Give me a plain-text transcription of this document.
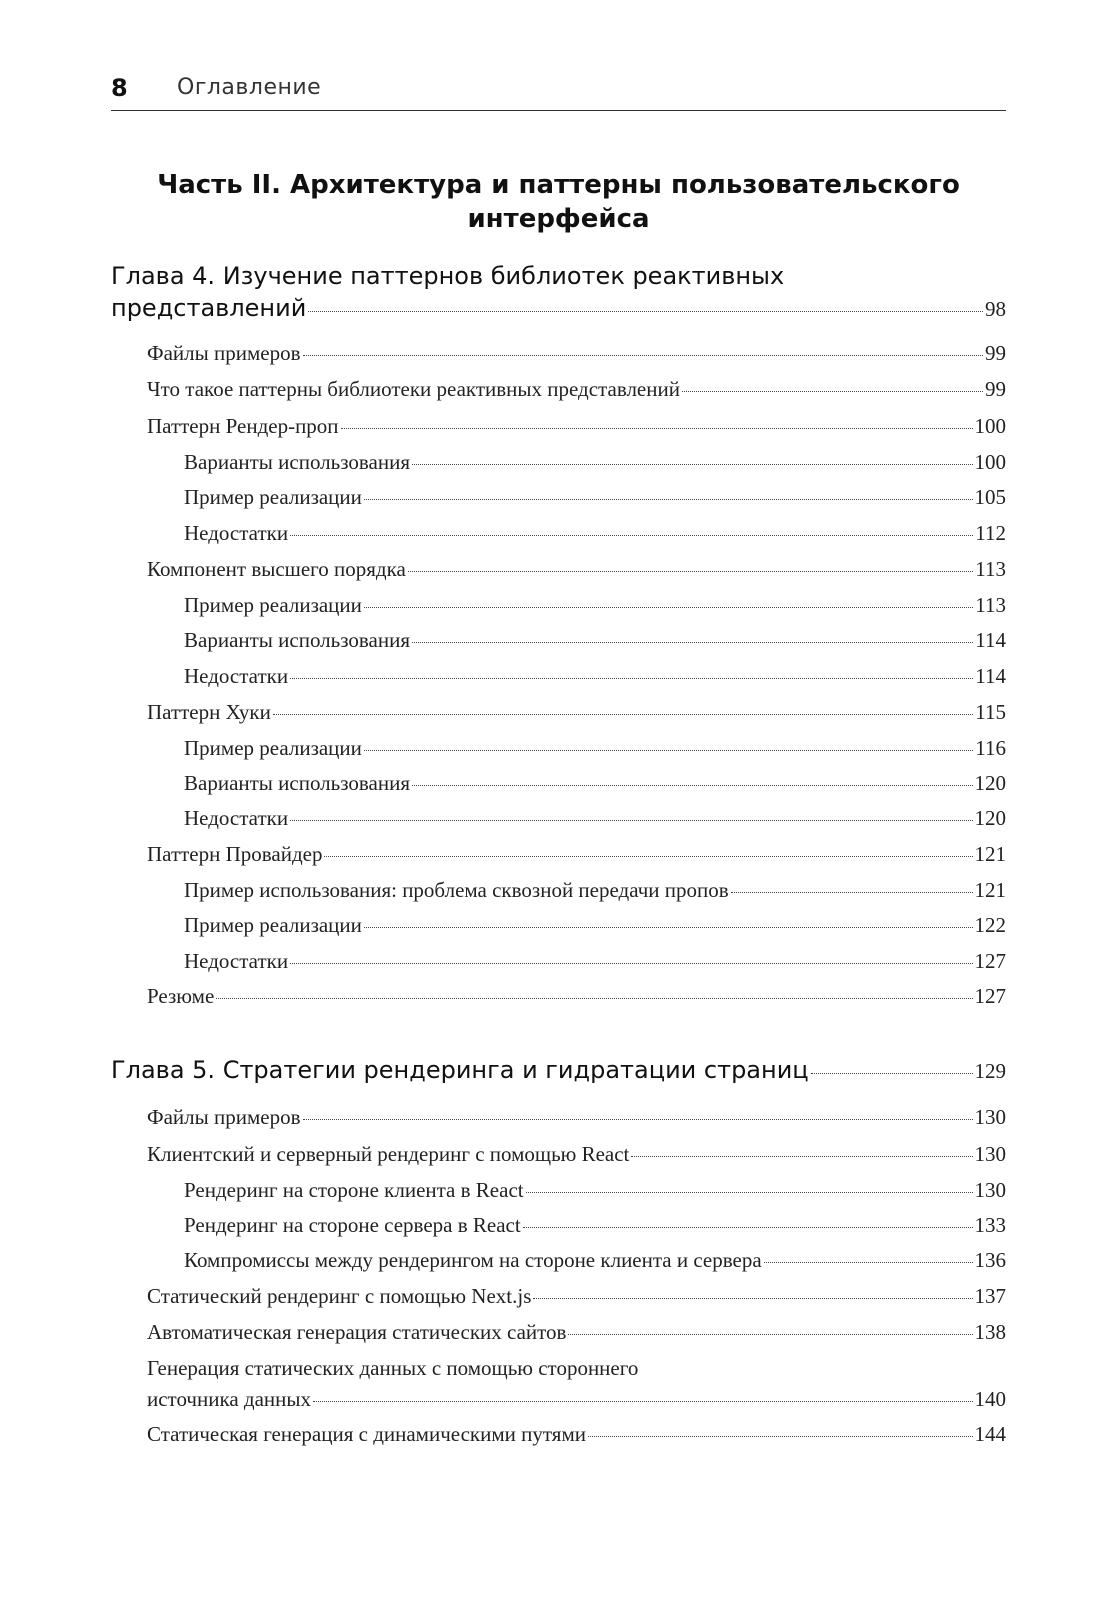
8 Оглавление
Часть II. Архитектура и паттерны пользовательского
интерфейса
Глава 4. Изучение паттернов библиотек реактивных
представлений	98
Файлы примеров	99
Что такое паттерны библиотеки реактивных представлений	99
Паттерн Рендер-проп	100
Варианты использования	100
Пример реализации	105
Недостатки	112
Компонент высшего порядка	113
Пример реализации	113
Варианты использования	114
Недостатки	114
Паттерн Хуки	115
Пример реализации	116
Варианты использования	120
Недостатки	120
Паттерн Провайдер	121
Пример использования: проблема сквозной передачи пропов	121
Пример реализации	122
Недостатки	127
Резюме	127
Глава 5. Стратегии рендеринга и гидратации страниц	129
Файлы примеров	130
Клиентский и серверный рендеринг с помощью React	130
Рендеринг на стороне клиента в React	130
Рендеринг на стороне сервера в React	133
Компромиссы между рендерингом на стороне клиента и сервера	136
Статический рендеринг с помощью Next.js	137
Автоматическая генерация статических сайтов	138
Генерация статических данных с помощью стороннего
источника данных	140
Статическая генерация с динамическими путями	144
